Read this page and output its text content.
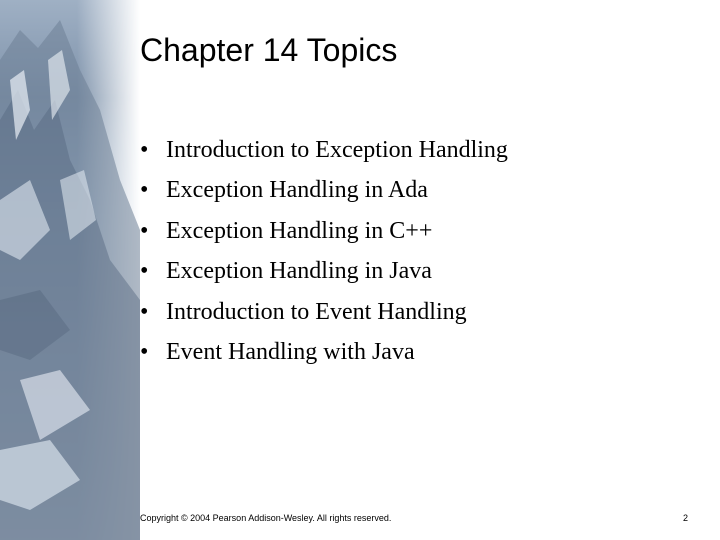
Chapter 14 Topics
• Introduction to Exception Handling
• Exception Handling in Ada
• Exception Handling in C++
• Exception Handling in Java
• Introduction to Event Handling
• Event Handling with Java
Copyright © 2004 Pearson Addison-Wesley. All rights reserved.	2
